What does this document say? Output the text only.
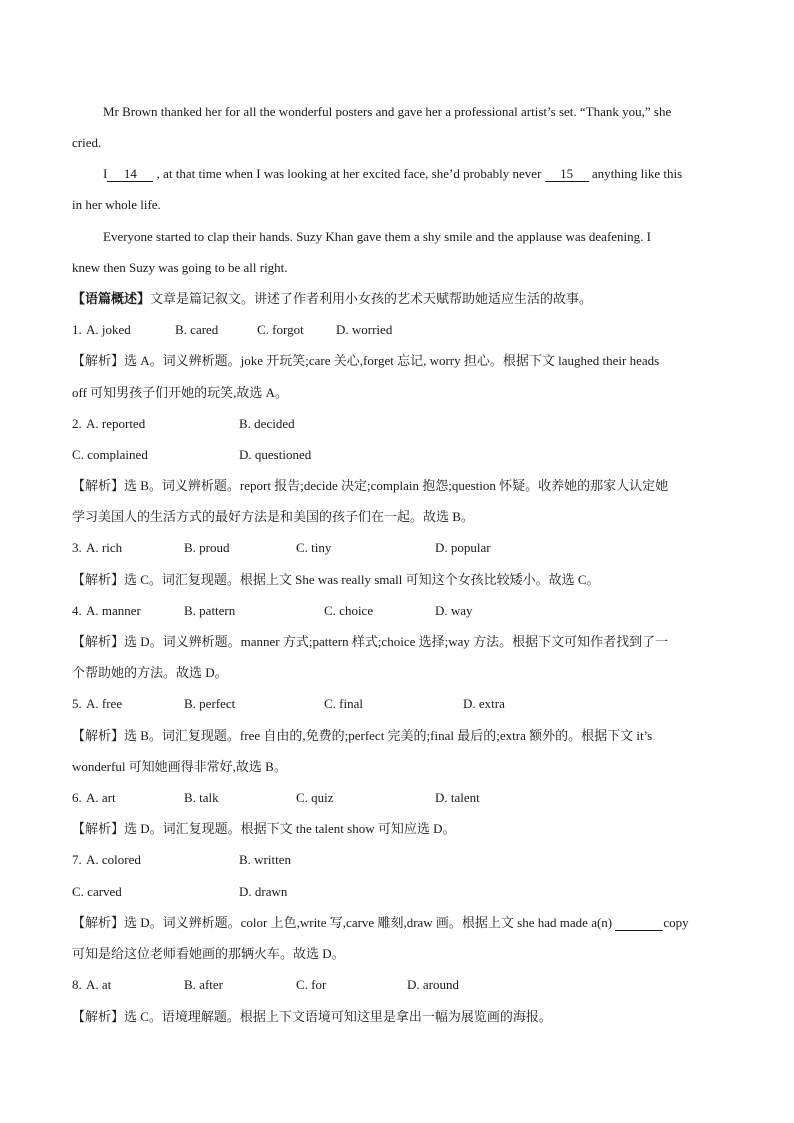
Mr Brown thanked her for all the wonderful posters and gave her a professional artist’s set. “Thank you,” she
cried.
I 14 , at that time when I was looking at her excited face, she’d probably never 15 anything like this
in her whole life.
Everyone started to clap their hands. Suzy Khan gave them a shy smile and the applause was deafening. I
knew then Suzy was going to be all right.
【语篇概述】文章是篇记叙文。讲述了作者利用小女孩的艺术天赋帮助她适应生活的故事。
1. A. joked	B. cared	C. forgot D. worried
【解析】选 A。词义辨析题。joke 开玩笑;care 关心,forget 忘记, worry 担心。根据下文 laughed their heads
off 可知男孩子们开她的玩笑,故选 A。
2. A. reported	B. decided
C. complained	D. questioned
【解析】选 B。词义辨析题。report 报告;decide 决定;complain 抱怨;question 怀疑。收养她的那家人认定她
学习美国人的生活方式的最好方法是和美国的孩子们在一起。故选 B。
3. A. rich	B. proud	C. tiny	D. popular
【解析】选 C。词汇复现题。根据上文 She was really small 可知这个女孩比较矮小。故选 C。
4. A. manner	B. pattern	C. choice	D. way
【解析】选 D。词义辨析题。manner 方式;pattern 样式;choice 选择;way 方法。根据下文可知作者找到了一
个帮助她的方法。故选 D。
5. A. free	B. perfect	C. final	D. extra
【解析】选 B。词汇复现题。free 自由的,免费的;perfect 完美的;final 最后的;extra 额外的。根据下文 it’s
wonderful 可知她画得非常好,故选 B。
6. A. art	B. talk	C. quiz	D. talent
【解析】选 D。词汇复现题。根据下文 the talent show 可知应选 D。
7. A. colored	B. written
C. carved	D. drawn
【解析】选 D。词义辨析题。color 上色,write 写,carve 雕刻,draw 画。根据上文 she had made a(n)	copy
可知是给这位老师看她画的那辆火车。故选 D。
8. A. at	B. after	C. for	D. around
【解析】选 C。语境理解题。根据上下文语境可知这里是拿出一幅为展览画的海报。
